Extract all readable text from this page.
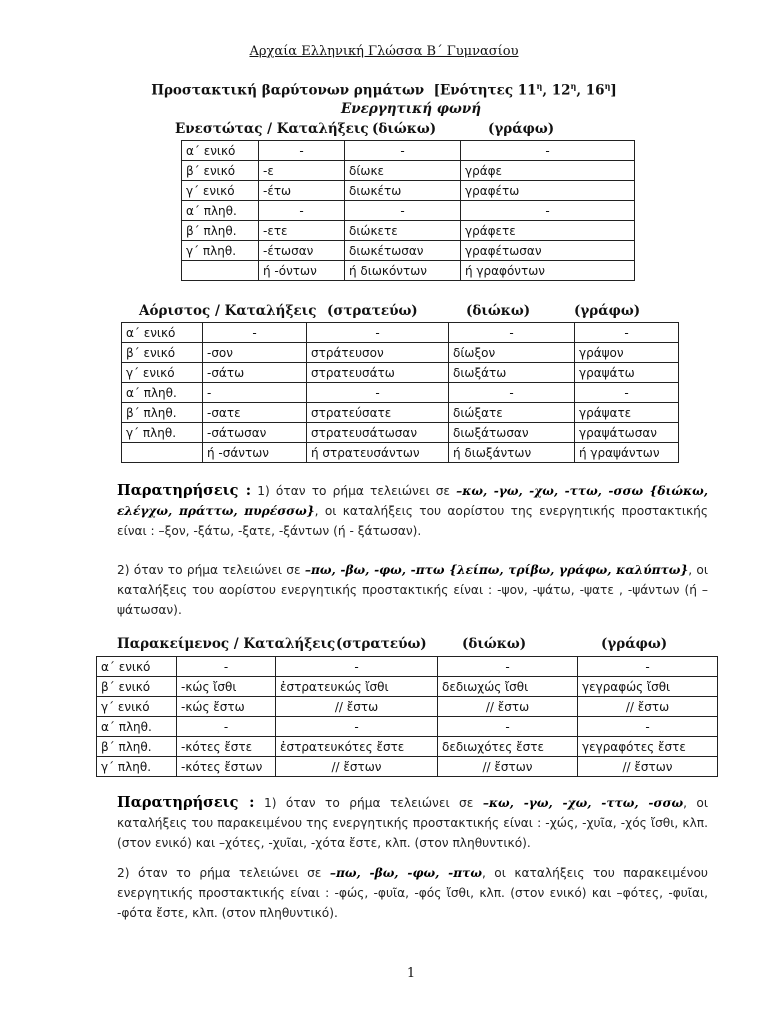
Αρχαία Ελληνική Γλώσσα Β΄ Γυμνασίου
Προστακτική βαρύτονων ρημάτων [Ενότητες $11^\eta$, $12^\eta$, $16^\eta$]
Ενεργητική φωνή
Ενεστώτας / Καταλήξεις (διώκω)	(γράφω)
α΄ ενικό	-	-	-
β΄ ενικό	-ε	δίωκε	γράφε
γ΄ ενικό	-έτω	διωκέτω	γραφέτω
α΄ πληθ.	-	-	-
β΄ πληθ.	-ετε	διώκετε	γράφετε
γ΄ πληθ.	-έτωσαν	διωκέτωσαν	γραφέτωσαν
	ή -όντων	ή διωκόντων	ή γραφόντων
Αόριστος / Καταλήξεις (στρατεύω)	(διώκω)	(γράφω)
α΄ ενικό	-	-	-	-
β΄ ενικό	-σον	στράτευσον	δίωξον	γράψον
γ΄ ενικό	-σάτω	στρατευσάτω	διωξάτω	γραψάτω
α΄ πληθ.	-	-	-	-
β΄ πληθ.	-σατε	στρατεύσατε	διώξατε	γράψατε
γ΄ πληθ.	-σάτωσαν	στρατευσάτωσαν	διωξάτωσαν	γραψάτωσαν
	ή -σάντων	ή στρατευσάντων	ή διωξάντων	ή γραψάντων
Παρατηρήσεις : 1) όταν το ρήμα τελειώνει σε –κω, -γω, -χω, -ττω, -σσω {διώκω, ελέγχω, πράττω, πυρέσσω}, οι καταλήξεις του αορίστου της ενεργητικής προστακτικής είναι : –ξον, -ξάτω, -ξατε, -ξάντων (ή - ξάτωσαν).
2) όταν το ρήμα τελειώνει σε –πω, -βω, -φω, -πτω {λείπω, τρίβω, γράφω, καλύπτω}, οι καταλήξεις του αορίστου ενεργητικής προστακτικής είναι : -ψον, -ψάτω, -ψατε , -ψάντων (ή –ψάτωσαν).
Παρακείμενος / Καταλήξεις (στρατεύω)	(διώκω)	(γράφω)
α΄ ενικό	-	-	-	-
β΄ ενικό	-κώς ἴσθι	ἐστρατευκώς ἴσθι	δεδιωχώς ἴσθι	γεγραφώς ἴσθι
γ΄ ενικό	-κώς ἔστω	// ἔστω	// ἔστω	// ἔστω
α΄ πληθ.	-	-	-	-
β΄ πληθ.	-κότες ἔστε	ἐστρατευκότες ἔστε	δεδιωχότες ἔστε	γεγραφότες ἔστε
γ΄ πληθ.	-κότες ἔστων	// ἔστων	// ἔστων	// ἔστων
Παρατηρήσεις : 1) όταν το ρήμα τελειώνει σε –κω, -γω, -χω, -ττω, -σσω, οι καταλήξεις του παρακειμένου της ενεργητικής προστακτικής είναι : -χώς, -χυῖα, -χός ἴσθι, κλπ. (στον ενικό) και –χότες, -χυῖαι, -χότα ἔστε, κλπ. (στον πληθυντικό).
2) όταν το ρήμα τελειώνει σε –πω, -βω, -φω, -πτω, οι καταλήξεις του παρακειμένου ενεργητικής προστακτικής είναι : -φώς, -φυῖα, -φός ἴσθι, κλπ. (στον ενικό) και –φότες, -φυῖαι, -φότα ἔστε, κλπ. (στον πληθυντικό).
1
